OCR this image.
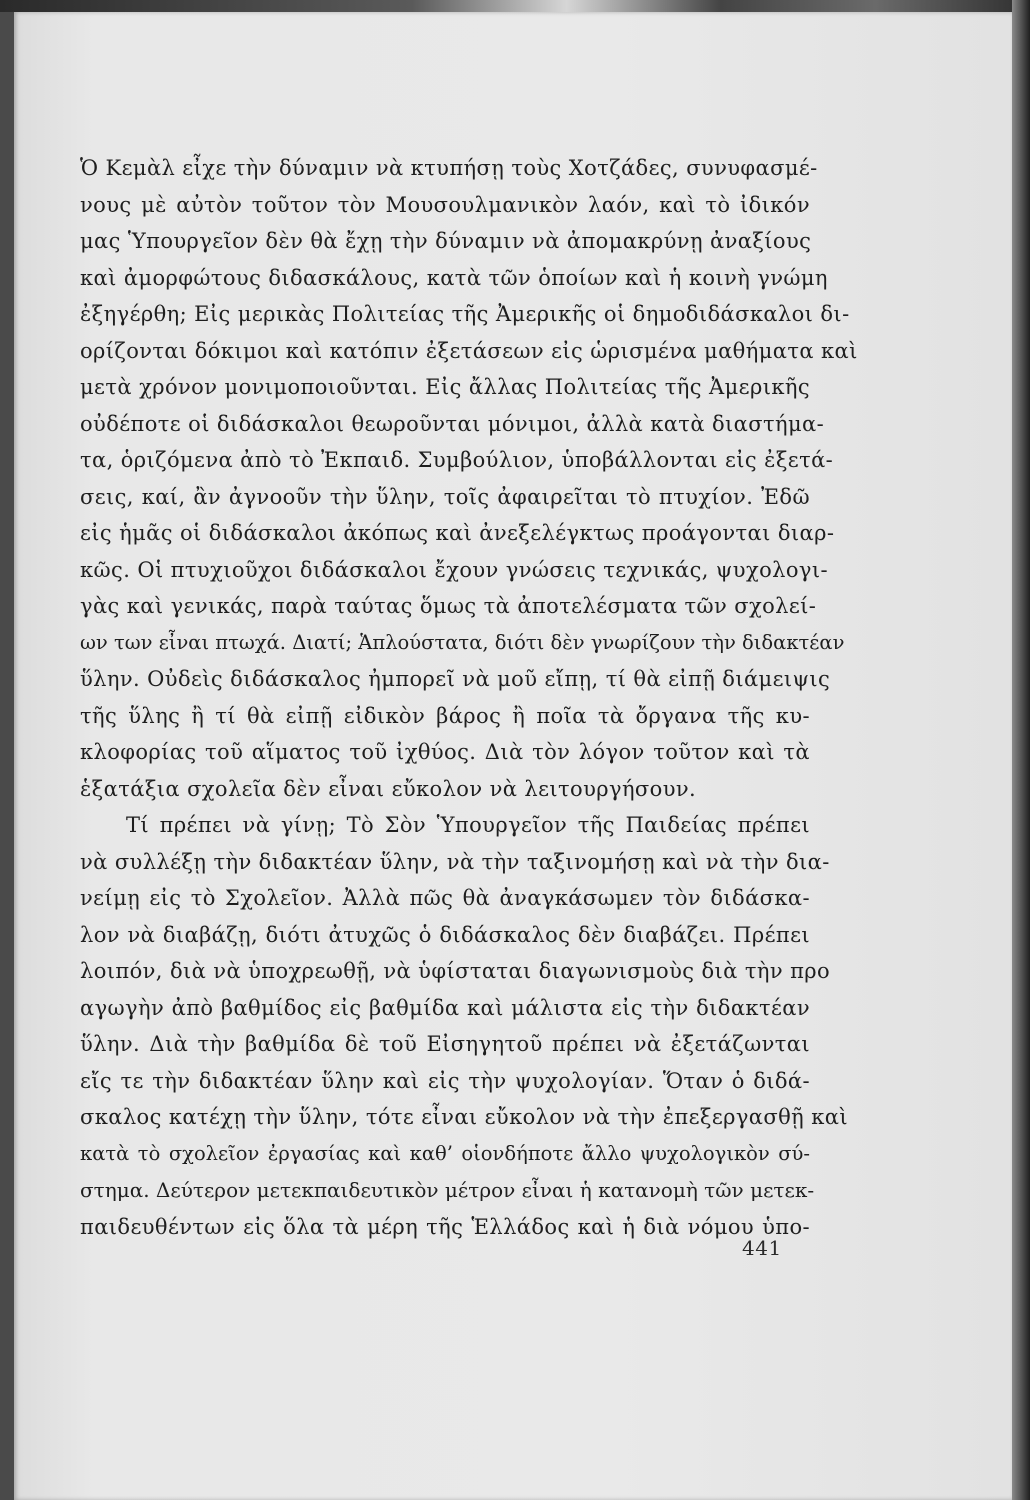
Ὁ Κεμὰλ εἶχε τὴν δύναμιν νὰ κτυπήσῃ τοὺς Χοτζάδες, συνυφασμέ-
νους μὲ αὐτὸν τοῦτον τὸν Μουσουλμανικὸν λαόν, καὶ τὸ ἰδικόν
μας Ὑπουργεῖον δὲν θὰ ἔχῃ τὴν δύναμιν νὰ ἀπομακρύνῃ ἀναξίους
καὶ ἀμορφώτους διδασκάλους, κατὰ τῶν ὁποίων καὶ ἡ κοινὴ γνώμη
ἐξηγέρθη; Εἰς μερικὰς Πολιτείας τῆς Ἀμερικῆς οἱ δημοδιδάσκαλοι δι-
ορίζονται δόκιμοι καὶ κατόπιν ἐξετάσεων εἰς ὡρισμένα μαθήματα καὶ
μετὰ χρόνον μονιμοποιοῦνται. Εἰς ἄλλας Πολιτείας τῆς Ἀμερικῆς
οὐδέποτε οἱ διδάσκαλοι θεωροῦνται μόνιμοι, ἀλλὰ κατὰ διαστήμα-
τα, ὁριζόμενα ἀπὸ τὸ Ἐκπαιδ. Συμβούλιον, ὑποβάλλονται εἰς ἐξετά-
σεις, καί, ἂν ἀγνοοῦν τὴν ὕλην, τοῖς ἀφαιρεῖται τὸ πτυχίον. Ἐδῶ
εἰς ἡμᾶς οἱ διδάσκαλοι ἀκόπως καὶ ἀνεξελέγκτως προάγονται διαρ-
κῶς. Οἱ πτυχιοῦχοι διδάσκαλοι ἔχουν γνώσεις τεχνικάς, ψυχολογι-
γὰς καὶ γενικάς, παρὰ ταύτας ὅμως τὰ ἀποτελέσματα τῶν σχολεί-
ων των εἶναι πτωχά. Διατί; Ἁπλούστατα, διότι δὲν γνωρίζουν τὴν διδακτέαν
ὕλην. Οὐδεὶς διδάσκαλος ἠμπορεῖ νὰ μοῦ εἴπῃ, τί θὰ εἰπῇ διάμειψις
τῆς ὕλης ἢ τί θὰ εἰπῇ εἰδικὸν βάρος ἢ ποῖα τὰ ὄργανα τῆς κυ-
κλοφορίας τοῦ αἵματος τοῦ ἰχθύος. Διὰ τὸν λόγον τοῦτον καὶ τὰ
ἑξατάξια σχολεῖα δὲν εἶναι εὔκολον νὰ λειτουργήσουν.
Τί πρέπει νὰ γίνῃ; Τὸ Σὸν Ὑπουργεῖον τῆς Παιδείας πρέπει
νὰ συλλέξῃ τὴν διδακτέαν ὕλην, νὰ τὴν ταξινομήσῃ καὶ νὰ τὴν δια-
νείμῃ εἰς τὸ Σχολεῖον. Ἀλλὰ πῶς θὰ ἀναγκάσωμεν τὸν διδάσκα-
λον νὰ διαβάζῃ, διότι ἀτυχῶς ὁ διδάσκαλος δὲν διαβάζει. Πρέπει
λοιπόν, διὰ νὰ ὑποχρεωθῇ, νὰ ὑφίσταται διαγωνισμοὺς διὰ τὴν προ
αγωγὴν ἀπὸ βαθμίδος εἰς βαθμίδα καὶ μάλιστα εἰς τὴν διδακτέαν
ὕλην. Διὰ τὴν βαθμίδα δὲ τοῦ Εἰσηγητοῦ πρέπει νὰ ἐξετάζωνται
εἴς τε τὴν διδακτέαν ὕλην καὶ εἰς τὴν ψυχολογίαν. Ὅταν ὁ διδά-
σκαλος κατέχῃ τὴν ὕλην, τότε εἶναι εὔκολον νὰ τὴν ἐπεξεργασθῇ καὶ
κατὰ τὸ σχολεῖον ἐργασίας καὶ καθ’ οἱονδήποτε ἄλλο ψυχολογικὸν σύ-
στημα. Δεύτερον μετεκπαιδευτικὸν μέτρον εἶναι ἡ κατανομὴ τῶν μετεκ-
παιδευθέντων εἰς ὅλα τὰ μέρη τῆς Ἑλλάδος καὶ ἡ διὰ νόμου ὑπο-
441
